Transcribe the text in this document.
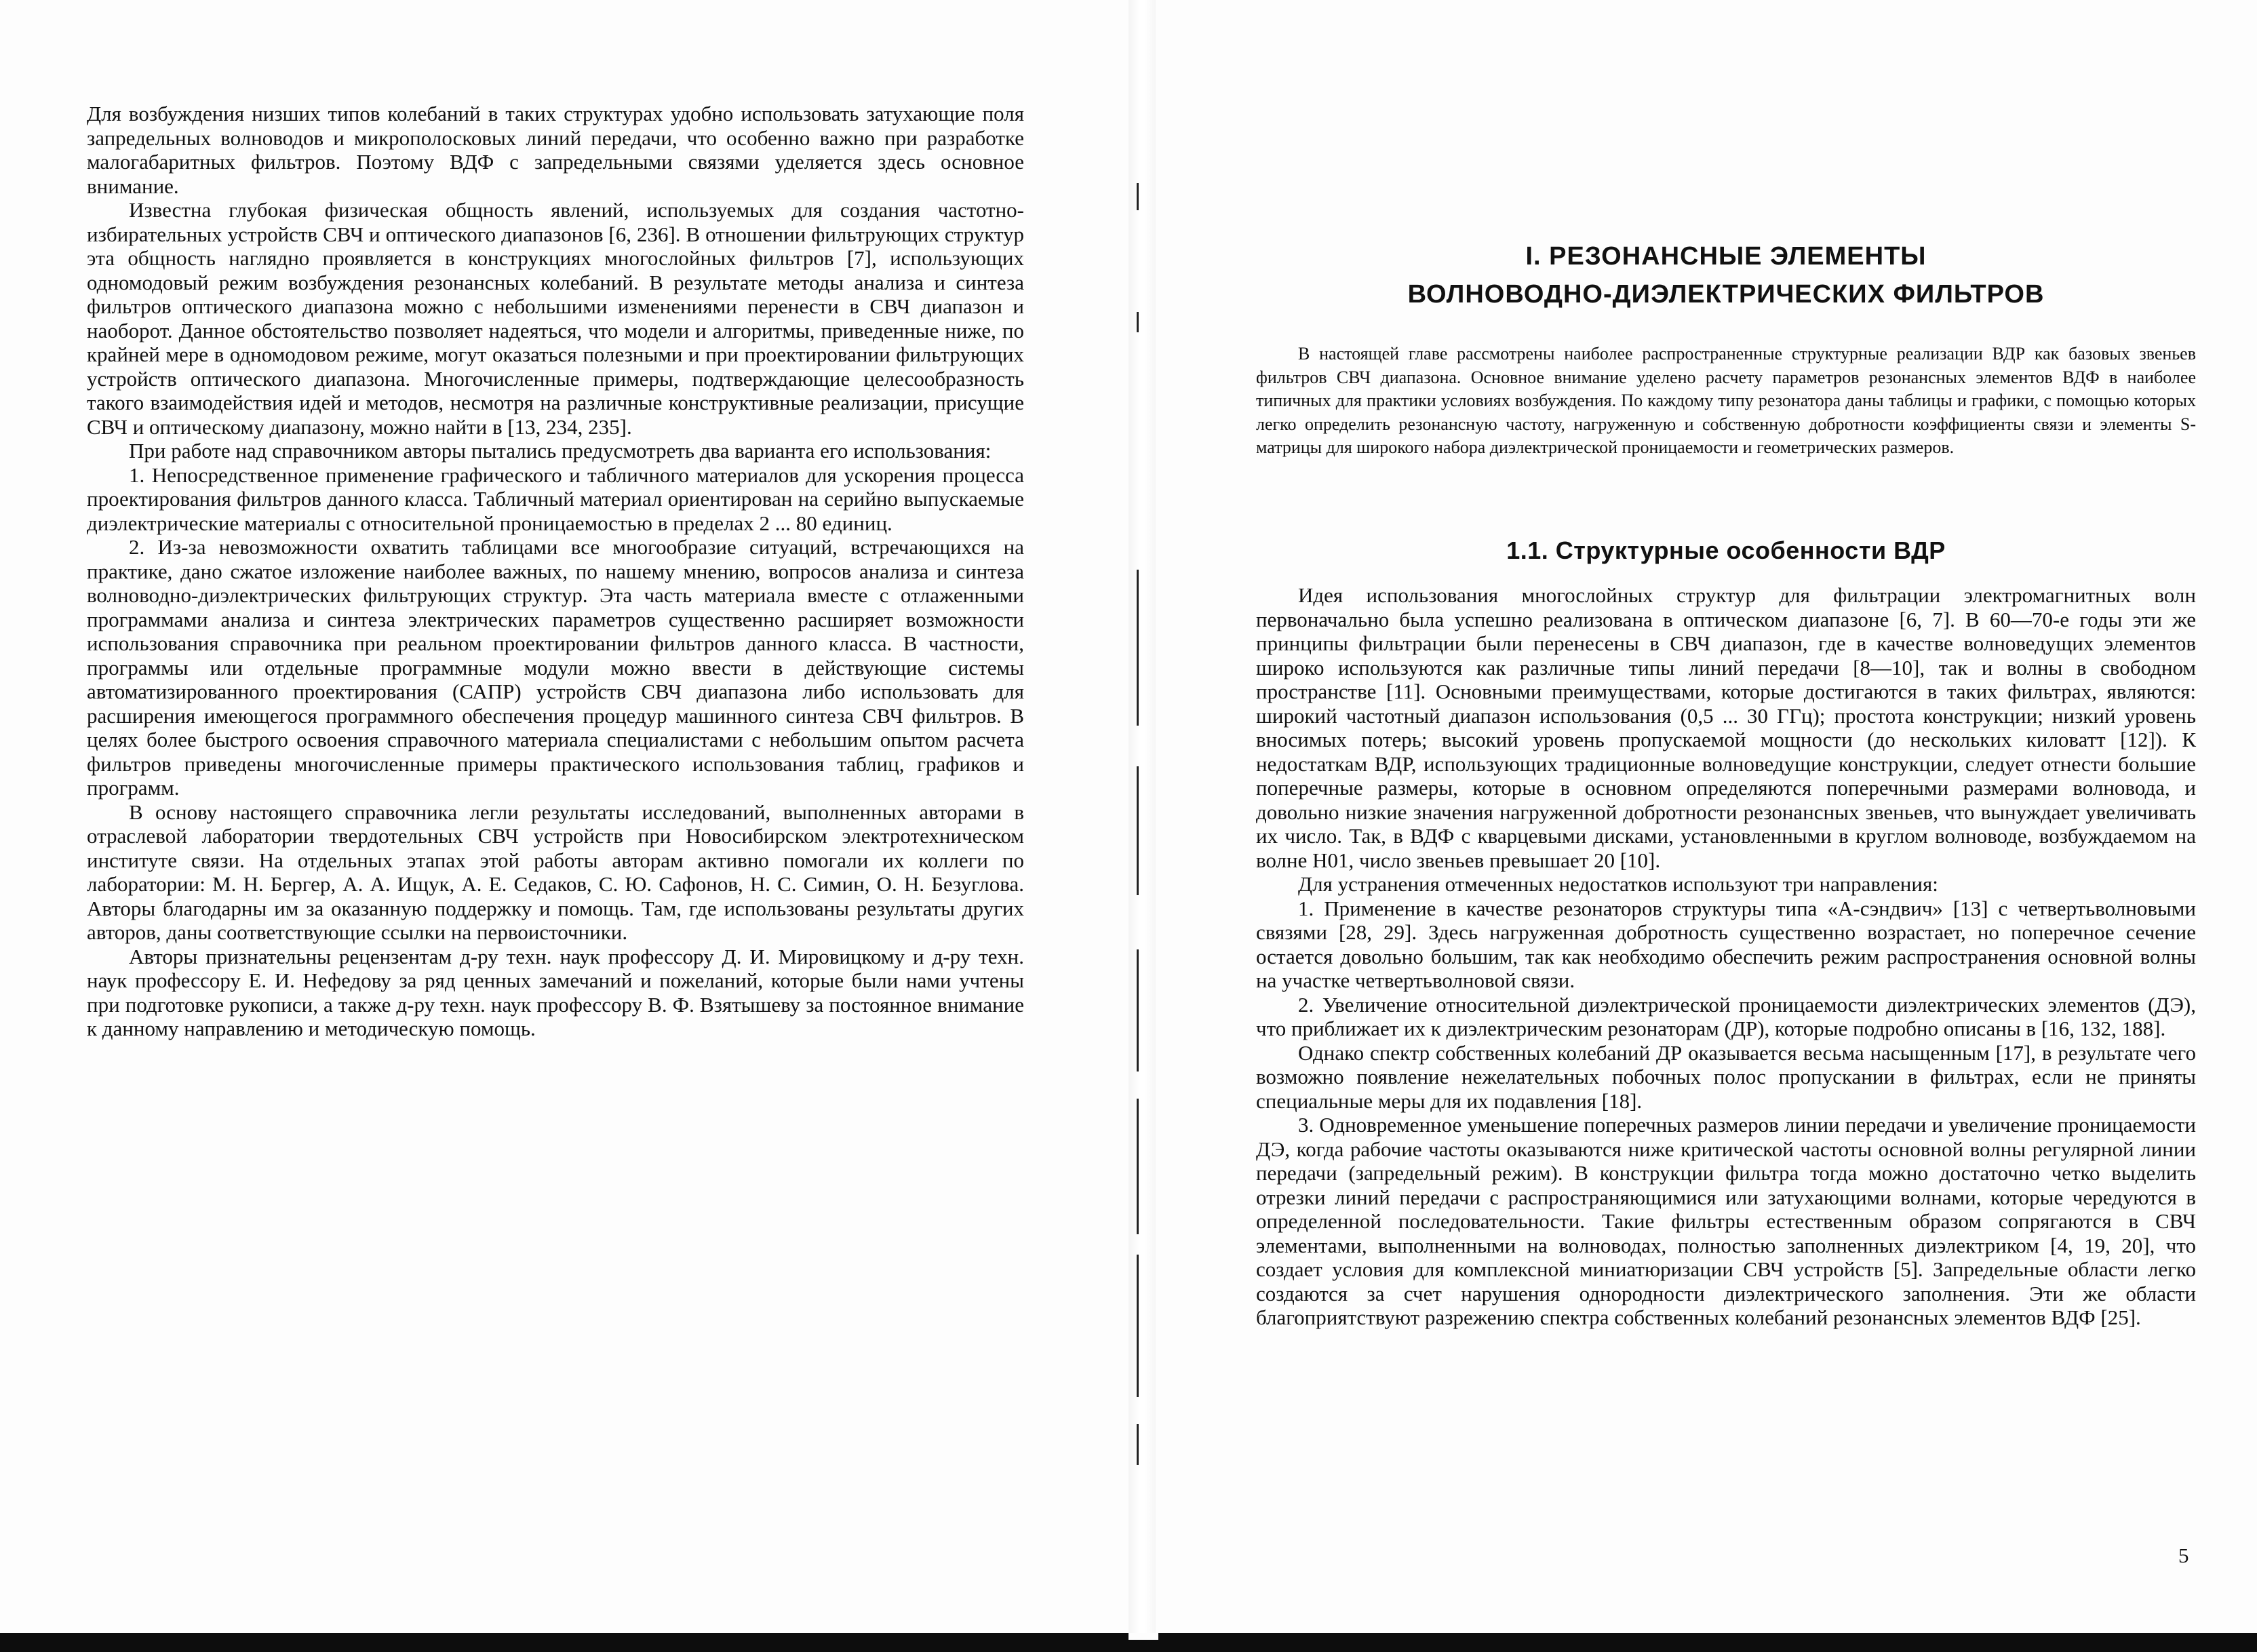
Для возбуждения низших типов колебаний в таких структурах удобно использовать затухающие поля запредельных волноводов и микрополосковых линий передачи, что особенно важно при разработке малогабаритных фильтров. Поэтому ВДФ с запредельными связями уделяется здесь основное внимание.

Известна глубокая физическая общность явлений, используемых для создания частотно-избирательных устройств СВЧ и оптического диапазонов [6, 236]. В отношении фильтрующих структур эта общность наглядно проявляется в конструкциях многослойных фильтров [7], использующих одномодовый режим возбуждения резонансных колебаний. В результате методы анализа и синтеза фильтров оптического диапазона можно с небольшими изменениями перенести в СВЧ диапазон и наоборот. Данное обстоятельство позволяет надеяться, что модели и алгоритмы, приведенные ниже, по крайней мере в одномодовом режиме, могут оказаться полезными и при проектировании фильтрующих устройств оптического диапазона. Многочисленные примеры, подтверждающие целесообразность такого взаимодействия идей и методов, несмотря на различные конструктивные реализации, присущие СВЧ и оптическому диапазону, можно найти в [13, 234, 235].

При работе над справочником авторы пытались предусмотреть два варианта его использования:

1. Непосредственное применение графического и табличного материалов для ускорения процесса проектирования фильтров данного класса. Табличный материал ориентирован на серийно выпускаемые диэлектрические материалы с относительной проницаемостью в пределах 2 ... 80 единиц.

2. Из-за невозможности охватить таблицами все многообразие ситуаций, встречающихся на практике, дано сжатое изложение наиболее важных, по нашему мнению, вопросов анализа и синтеза волноводно-диэлектрических фильтрующих структур. Эта часть материала вместе с отлаженными программами анализа и синтеза электрических параметров существенно расширяет возможности использования справочника при реальном проектировании фильтров данного класса. В частности, программы или отдельные программные модули можно ввести в действующие системы автоматизированного проектирования (САПР) устройств СВЧ диапазона либо использовать для расширения имеющегося программного обеспечения процедур машинного синтеза СВЧ фильтров. В целях более быстрого освоения справочного материала специалистами с небольшим опытом расчета фильтров приведены многочисленные примеры практического использования таблиц, графиков и программ.

В основу настоящего справочника легли результаты исследований, выполненных авторами в отраслевой лаборатории твердотельных СВЧ устройств при Новосибирском электротехническом институте связи. На отдельных этапах этой работы авторам активно помогали их коллеги по лаборатории: М. Н. Бергер, А. А. Ищук, А. Е. Седаков, С. Ю. Сафонов, Н. С. Симин, О. Н. Безуглова. Авторы благодарны им за оказанную поддержку и помощь. Там, где использованы результаты других авторов, даны соответствующие ссылки на первоисточники.

Авторы признательны рецензентам д-ру техн. наук профессору Д. И. Мировицкому и д-ру техн. наук профессору Е. И. Нефедову за ряд ценных замечаний и пожеланий, которые были нами учтены при подготовке рукописи, а также д-ру техн. наук профессору В. Ф. Взятышеву за постоянное внимание к данному направлению и методическую помощь.

I. РЕЗОНАНСНЫЕ ЭЛЕМЕНТЫ
ВОЛНОВОДНО-ДИЭЛЕКТРИЧЕСКИХ ФИЛЬТРОВ

В настоящей главе рассмотрены наиболее распространенные структурные реализации ВДР как базовых звеньев фильтров СВЧ диапазона. Основное внимание уделено расчету параметров резонансных элементов ВДФ в наиболее типичных для практики условиях возбуждения. По каждому типу резонатора даны таблицы и графики, с помощью которых легко определить резонансную частоту, нагруженную и собственную добротности коэффициенты связи и элементы S-матрицы для широкого набора диэлектрической проницаемости и геометрических размеров.

1.1. Структурные особенности ВДР

Идея использования многослойных структур для фильтрации электромагнитных волн первоначально была успешно реализована в оптическом диапазоне [6, 7]. В 60—70-е годы эти же принципы фильтрации были перенесены в СВЧ диапазон, где в качестве волноведущих элементов широко используются как различные типы линий передачи [8—10], так и волны в свободном пространстве [11]. Основными преимуществами, которые достигаются в таких фильтрах, являются: широкий частотный диапазон использования (0,5 ... 30 ГГц); простота конструкции; низкий уровень вносимых потерь; высокий уровень пропускаемой мощности (до нескольких киловатт [12]). К недостаткам ВДР, использующих традиционные волноведущие конструкции, следует отнести большие поперечные размеры, которые в основном определяются поперечными размерами волновода, и довольно низкие значения нагруженной добротности резонансных звеньев, что вынуждает увеличивать их число. Так, в ВДФ с кварцевыми дисками, установленными в круглом волноводе, возбуждаемом на волне H01, число звеньев превышает 20 [10].

Для устранения отмеченных недостатков используют три направления:

1. Применение в качестве резонаторов структуры типа «А-сэндвич» [13] с четвертьволновыми связями [28, 29]. Здесь нагруженная добротность существенно возрастает, но поперечное сечение остается довольно большим, так как необходимо обеспечить режим распространения основной волны на участке четвертьволновой связи.

2. Увеличение относительной диэлектрической проницаемости диэлектрических элементов (ДЭ), что приближает их к диэлектрическим резонаторам (ДР), которые подробно описаны в [16, 132, 188].

Однако спектр собственных колебаний ДР оказывается весьма насыщенным [17], в результате чего возможно появление нежелательных побочных полос пропускании в фильтрах, если не приняты специальные меры для их подавления [18].

3. Одновременное уменьшение поперечных размеров линии передачи и увеличение проницаемости ДЭ, когда рабочие частоты оказываются ниже критической частоты основной волны регулярной линии передачи (запредельный режим). В конструкции фильтра тогда можно достаточно четко выделить отрезки линий передачи с распространяющимися или затухающими волнами, которые чередуются в определенной последовательности. Такие фильтры естественным образом сопрягаются в СВЧ элементами, выполненными на волноводах, полностью заполненных диэлектриком [4, 19, 20], что создает условия для комплексной миниатюризации СВЧ устройств [5]. Запредельные области легко создаются за счет нарушения однородности диэлектрического заполнения. Эти же области благоприятствуют разрежению спектра собственных колебаний резонансных элементов ВДФ [25].

5
